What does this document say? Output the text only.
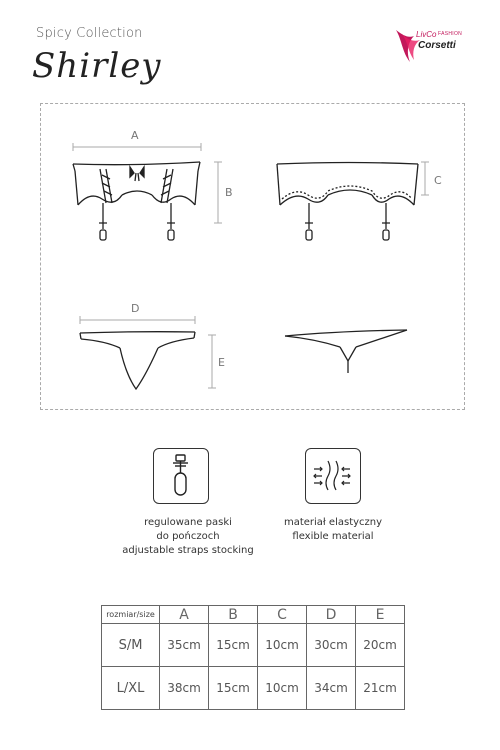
Spicy Collection
Shirley
LivCo FASHION
Corsetti
A
B
C
D
E
regulowane paski
do pończoch
adjustable straps stocking
materiał elastyczny
flexible material
rozmiar/size	A	B	C	D	E
S/M	35cm	15cm	10cm	30cm	20cm
L/XL	38cm	15cm	10cm	34cm	21cm
